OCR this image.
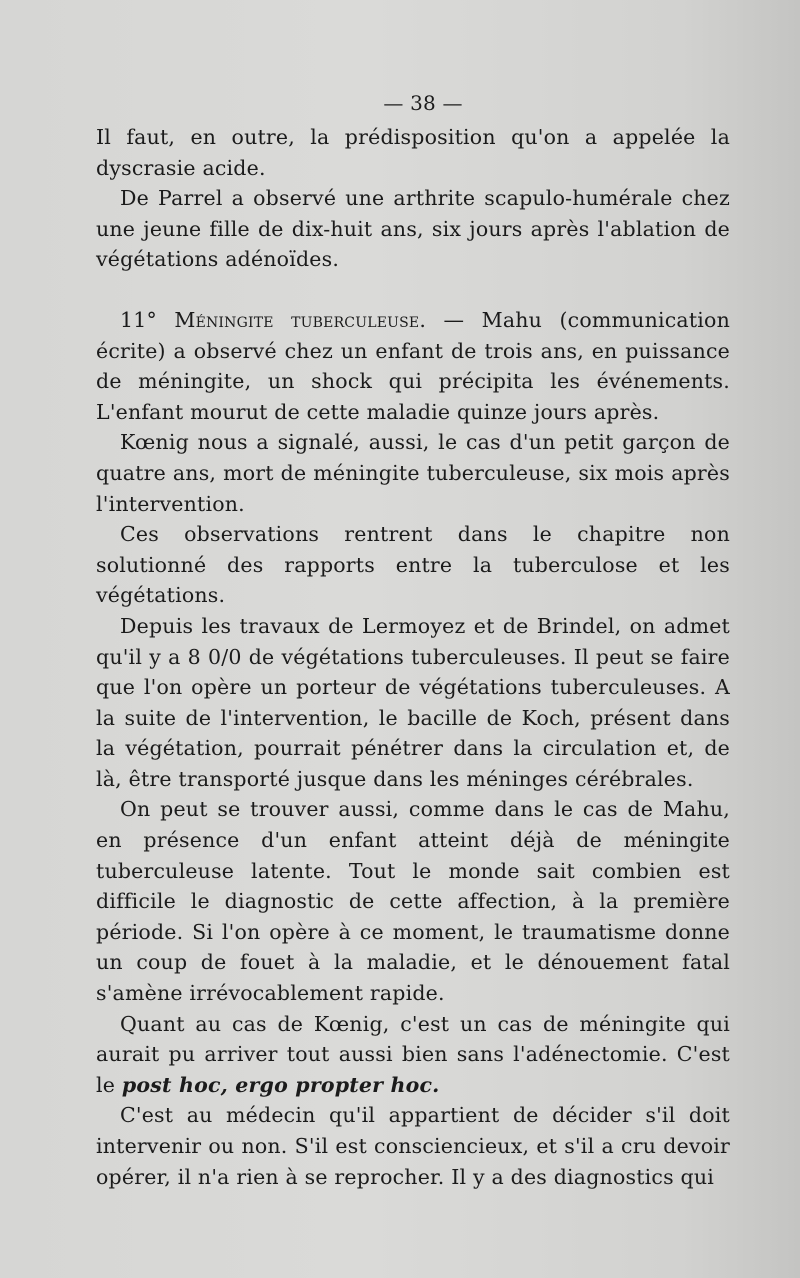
— 38 —

Il faut, en outre, la prédisposition qu'on a appelée la dyscrasie acide.

De Parrel a observé une arthrite scapulo-humérale chez une jeune fille de dix-huit ans, six jours après l'ablation de végétations adénoïdes.

11° Méningite tuberculeuse. — Mahu (communication écrite) a observé chez un enfant de trois ans, en puissance de méningite, un shock qui précipita les événements. L'enfant mourut de cette maladie quinze jours après.

Kœnig nous a signalé, aussi, le cas d'un petit garçon de quatre ans, mort de méningite tuberculeuse, six mois après l'intervention.

Ces observations rentrent dans le chapitre non solutionné des rapports entre la tuberculose et les végétations.

Depuis les travaux de Lermoyez et de Brindel, on admet qu'il y a 8 0/0 de végétations tuberculeuses. Il peut se faire que l'on opère un porteur de végétations tuberculeuses. A la suite de l'intervention, le bacille de Koch, présent dans la végétation, pourrait pénétrer dans la circulation et, de là, être transporté jusque dans les méninges cérébrales.

On peut se trouver aussi, comme dans le cas de Mahu, en présence d'un enfant atteint déjà de méningite tuberculeuse latente. Tout le monde sait combien est difficile le diagnostic de cette affection, à la première période. Si l'on opère à ce moment, le traumatisme donne un coup de fouet à la maladie, et le dénouement fatal s'amène irrévocablement rapide.

Quant au cas de Kœnig, c'est un cas de méningite qui aurait pu arriver tout aussi bien sans l'adénectomie. C'est le post hoc, ergo propter hoc.

C'est au médecin qu'il appartient de décider s'il doit intervenir ou non. S'il est consciencieux, et s'il a cru devoir opérer, il n'a rien à se reprocher. Il y a des diagnostics qui
